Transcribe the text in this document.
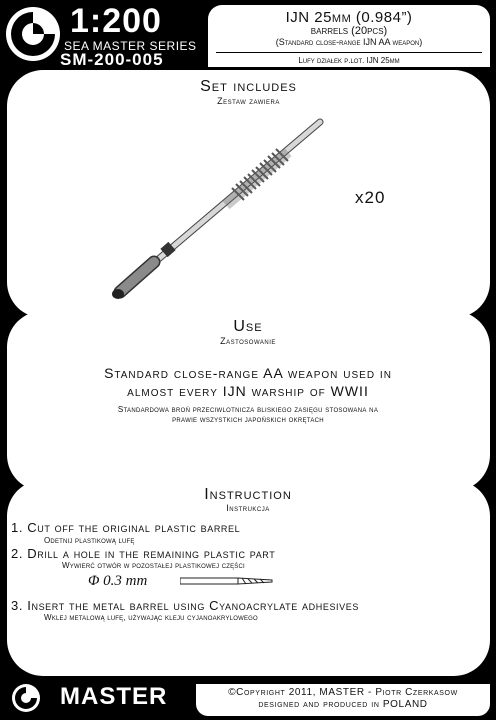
1:200
SEA MASTER SERIES
SM-200-005
IJN 25mm (0.984”)
barrels (20pcs)
(Standard close-range IJN AA weapon)
Lufy działek p.lot. IJN 25mm
Set includes
Zestaw zawiera
x20
Use
Zastosowanie
Standard close-range AA weapon used in
almost every IJN warship of WWII
Standardowa broń przeciwlotnicza bliskiego zasięgu stosowana na
prawie wszystkich japońskich okrętach
Instruction
Instrukcja
1. Cut off the original plastic barrel
Odetnij plastikową lufę
2. Drill a hole in the remaining plastic part
Wywierć otwór w pozostałej plastikowej części
Φ 0.3 mm
3. Insert the metal barrel using Cyanoacrylate adhesives
Wklej metalową lufę, używając kleju cyjanoakrylowego
MASTER	©Copyright 2011, MASTER - Piotr Czerkasow
designed and produced in POLAND
